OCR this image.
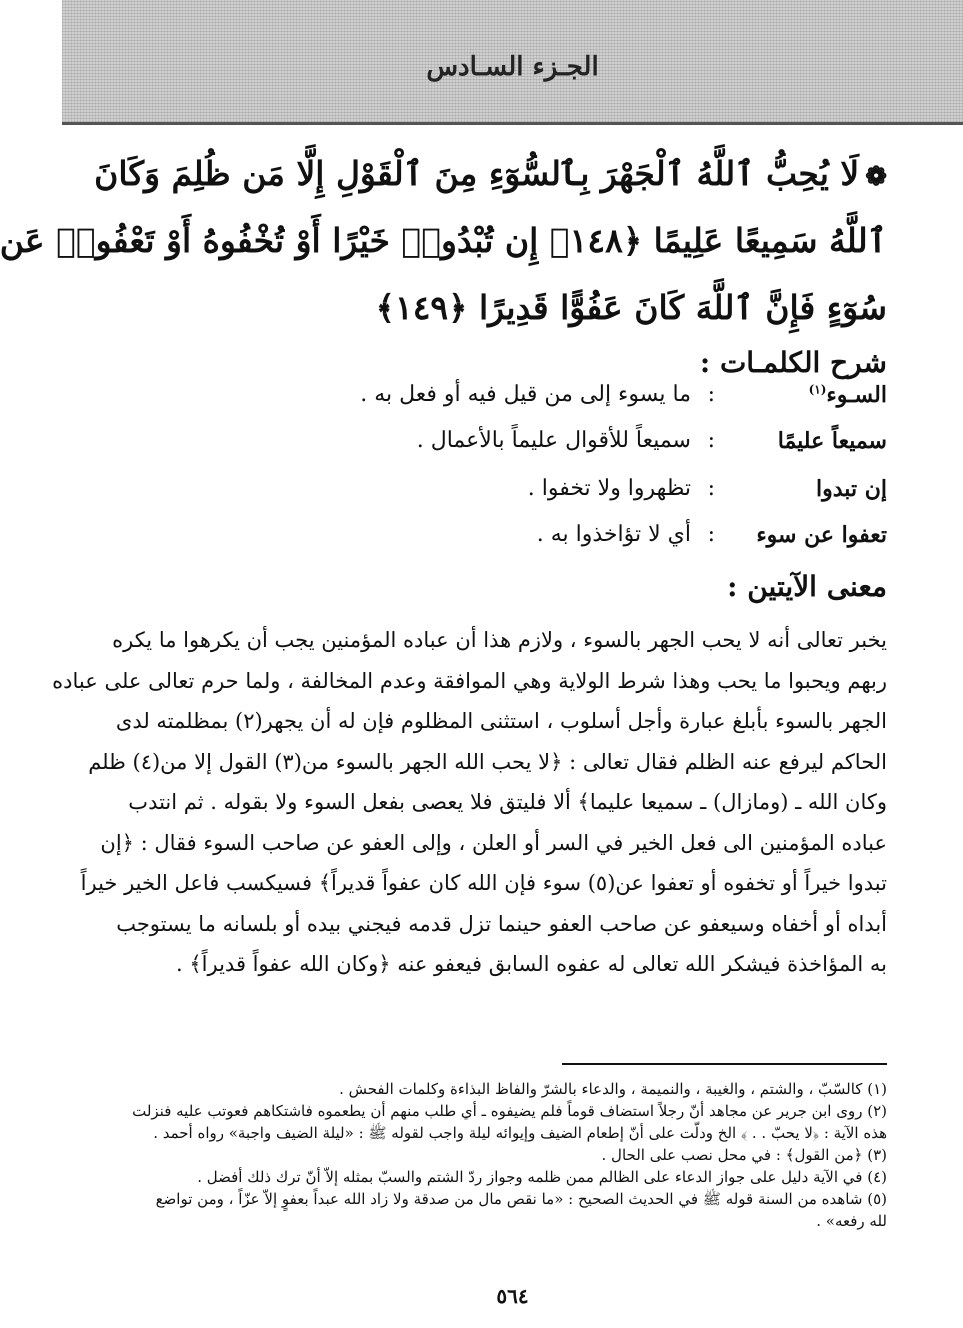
الجـزء السـادس
❁لَا يُحِبُّ ٱللَّهُ ٱلْجَهْرَ بِٱلسُّوٓءِ مِنَ ٱلْقَوْلِ إِلَّا مَن ظُلِمَ وَكَانَ
ٱللَّهُ سَمِيعًا عَلِيمًا ﴿١٤٨﴾ إِن تُبْدُوا۟ خَيْرًا أَوْ تُخْفُوهُ أَوْ تَعْفُوا۟ عَن
سُوٓءٍ فَإِنَّ ٱللَّهَ كَانَ عَفُوًّا قَدِيرًا ﴿١٤٩﴾
شرح الكلمـات :
السـوء$^{(١)}$
:
ما يسوء إلى من قيل فيه أو فعل به .
سميعاً عليمًا
:
سميعاً للأقوال عليماً بالأعمال .
إن تبدوا
:
تظهروا ولا تخفوا .
تعفوا عن سوء
:
أي لا تؤاخذوا به .
معنى الآيتين :
يخبر تعالى أنه لا يحب الجهر بالسوء ، ولازم هذا أن عباده المؤمنين يجب أن يكرهوا ما يكره
ربهم ويحبوا ما يحب وهذا شرط الولاية وهي الموافقة وعدم المخالفة ، ولما حرم تعالى على عباده
الجهر بالسوء بأبلغ عبارة وأجل أسلوب ، استثنى المظلوم فإن له أن يجهر(٢) بمظلمته لدى
الحاكم ليرفع عنه الظلم فقال تعالى : ﴿لا يحب الله الجهر بالسوء من(٣) القول إلا من(٤) ظلم
وكان الله ـ (ومازال) ـ سميعا عليما﴾ ألا فليتق فلا يعصى بفعل السوء ولا بقوله . ثم انتدب
عباده المؤمنين الى فعل الخير في السر أو العلن ، وإلى العفو عن صاحب السوء فقال : ﴿إن
تبدوا خيراً أو تخفوه أو تعفوا عن(٥) سوء فإن الله كان عفواً قديراً﴾ فسيكسب فاعل الخير خيراً
أبداه أو أخفاه وسيعفو عن صاحب العفو حينما تزل قدمه فيجني بيده أو بلسانه ما يستوجب
به المؤاخذة فيشكر الله تعالى له عفوه السابق فيعفو عنه ﴿وكان الله عفواً قديراً﴾ .
(١) كالسّبّ ، والشتم ، والغيبة ، والنميمة ، والدعاء بالشرّ والفاظ البذاءة وكلمات الفحش .
(٢) روى ابن جرير عن مجاهد أنّ رجلاً استضاف قوماً فلم يضيفوه ـ أي طلب منهم أن يطعموه فاشتكاهم فعوتب عليه فنزلت
هذه الآية : ﴿لا يحبّ . . ﴾ الخ ودلّت على أنّ إطعام الضيف وإيوائه ليلة واجب لقوله ﷺ : «ليلة الضيف واجبة» رواه أحمد .
(٣) ﴿من القول﴾ : في محل نصب على الحال .
(٤) في الآية دليل على جواز الدعاء على الظالم ممن ظلمه وجواز ردّ الشتم والسبّ بمثله إلاّ أنّ ترك ذلك أفضل .
(٥) شاهده من السنة قوله ﷺ في الحديث الصحيح : «ما نقص مال من صدقة ولا زاد الله عبداً بعفوٍ إلاّ عزّاً ، ومن تواضع
لله رفعه» .
٥٦٤
